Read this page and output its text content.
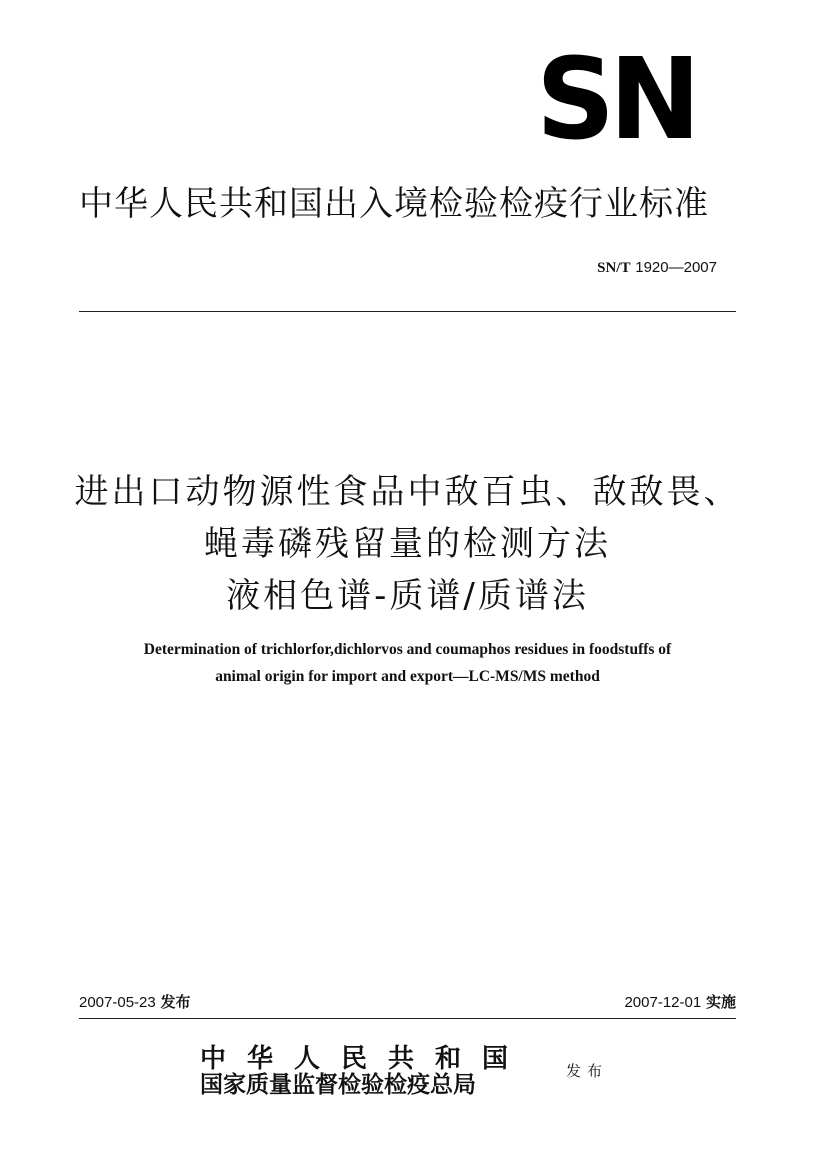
SN
中华人民共和国出入境检验检疫行业标准
SN/T 1920—2007
进出口动物源性食品中敌百虫、敌敌畏、
蝇毒磷残留量的检测方法
液相色谱-质谱/质谱法
Determination of trichlorfor,dichlorvos and coumaphos residues in foodstuffs of
animal origin for import and export—LC-MS/MS method
2007-05-23 发布	2007-12-01 实施
中华人民共和国
国家质量监督检验检疫总局	发布
